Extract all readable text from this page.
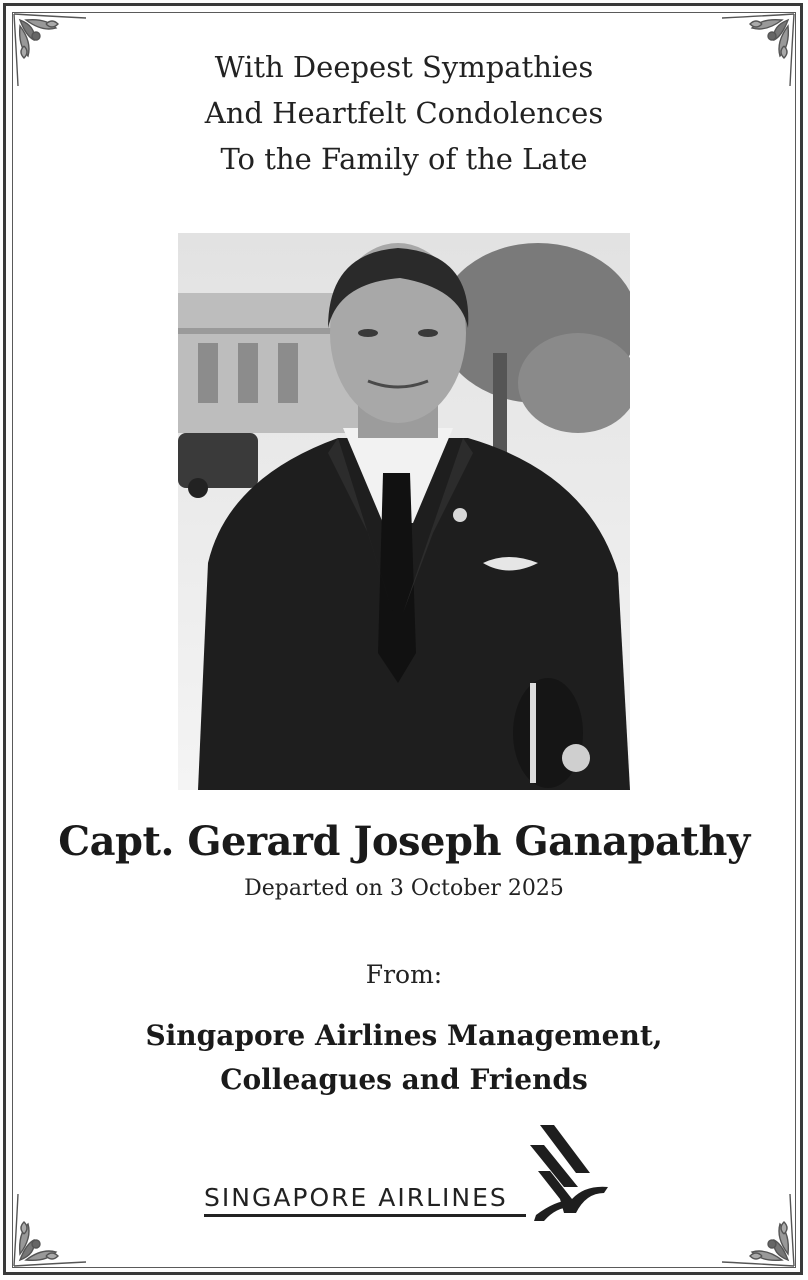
With Deepest Sympathies
And Heartfelt Condolences
To the Family of the Late
Capt. Gerard Joseph Ganapathy
Departed on 3 October 2025
From:
Singapore Airlines Management,
Colleagues and Friends
SINGAPORE AIRLINES
